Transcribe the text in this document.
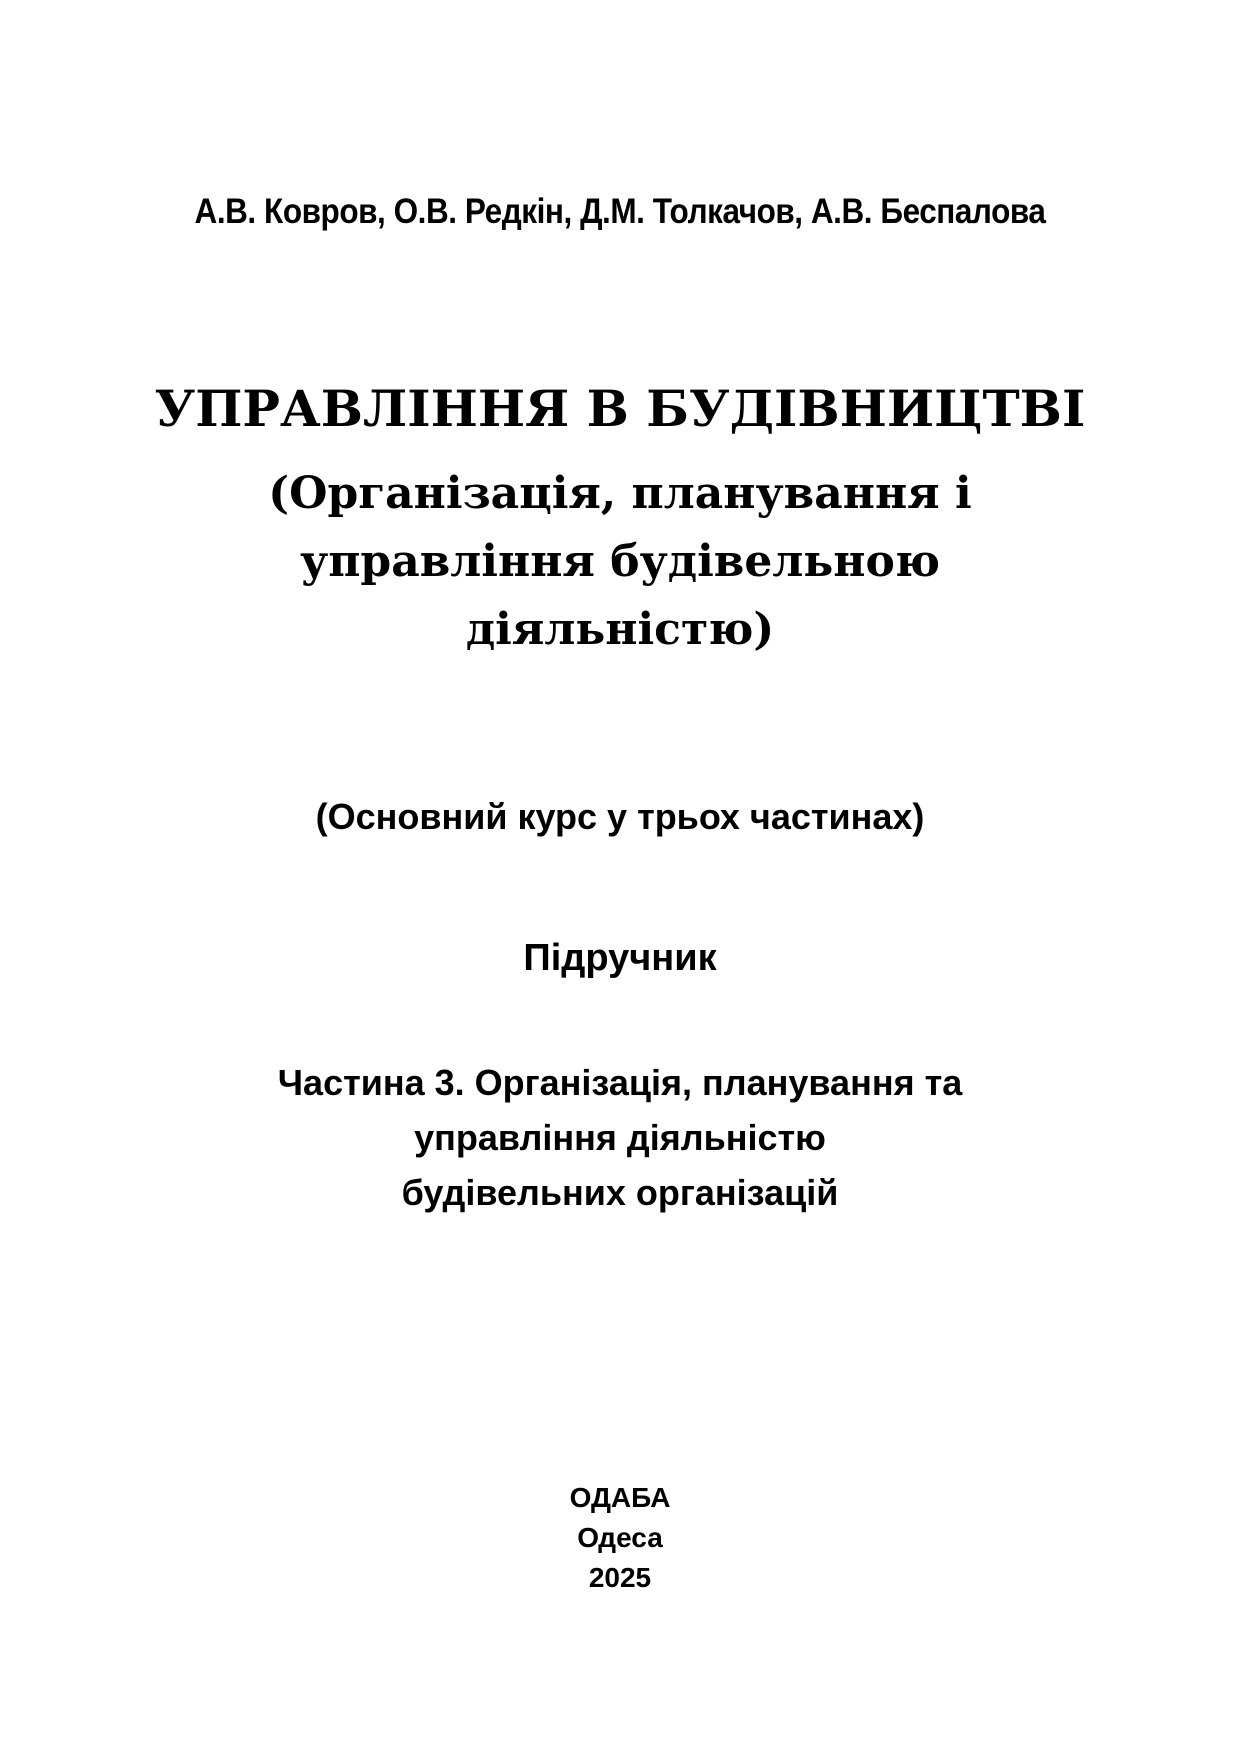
А.В. Ковров, О.В. Редкін, Д.М. Толкачов, А.В. Беспалова
УПРАВЛІННЯ В БУДІВНИЦТВІ
(Організація, планування і
управління будівельною
діяльністю)
(Основний курс у трьох частинах)
Підручник
Частина 3. Організація, планування та
управління діяльністю
будівельних організацій
ОДАБА
Одеса
2025
